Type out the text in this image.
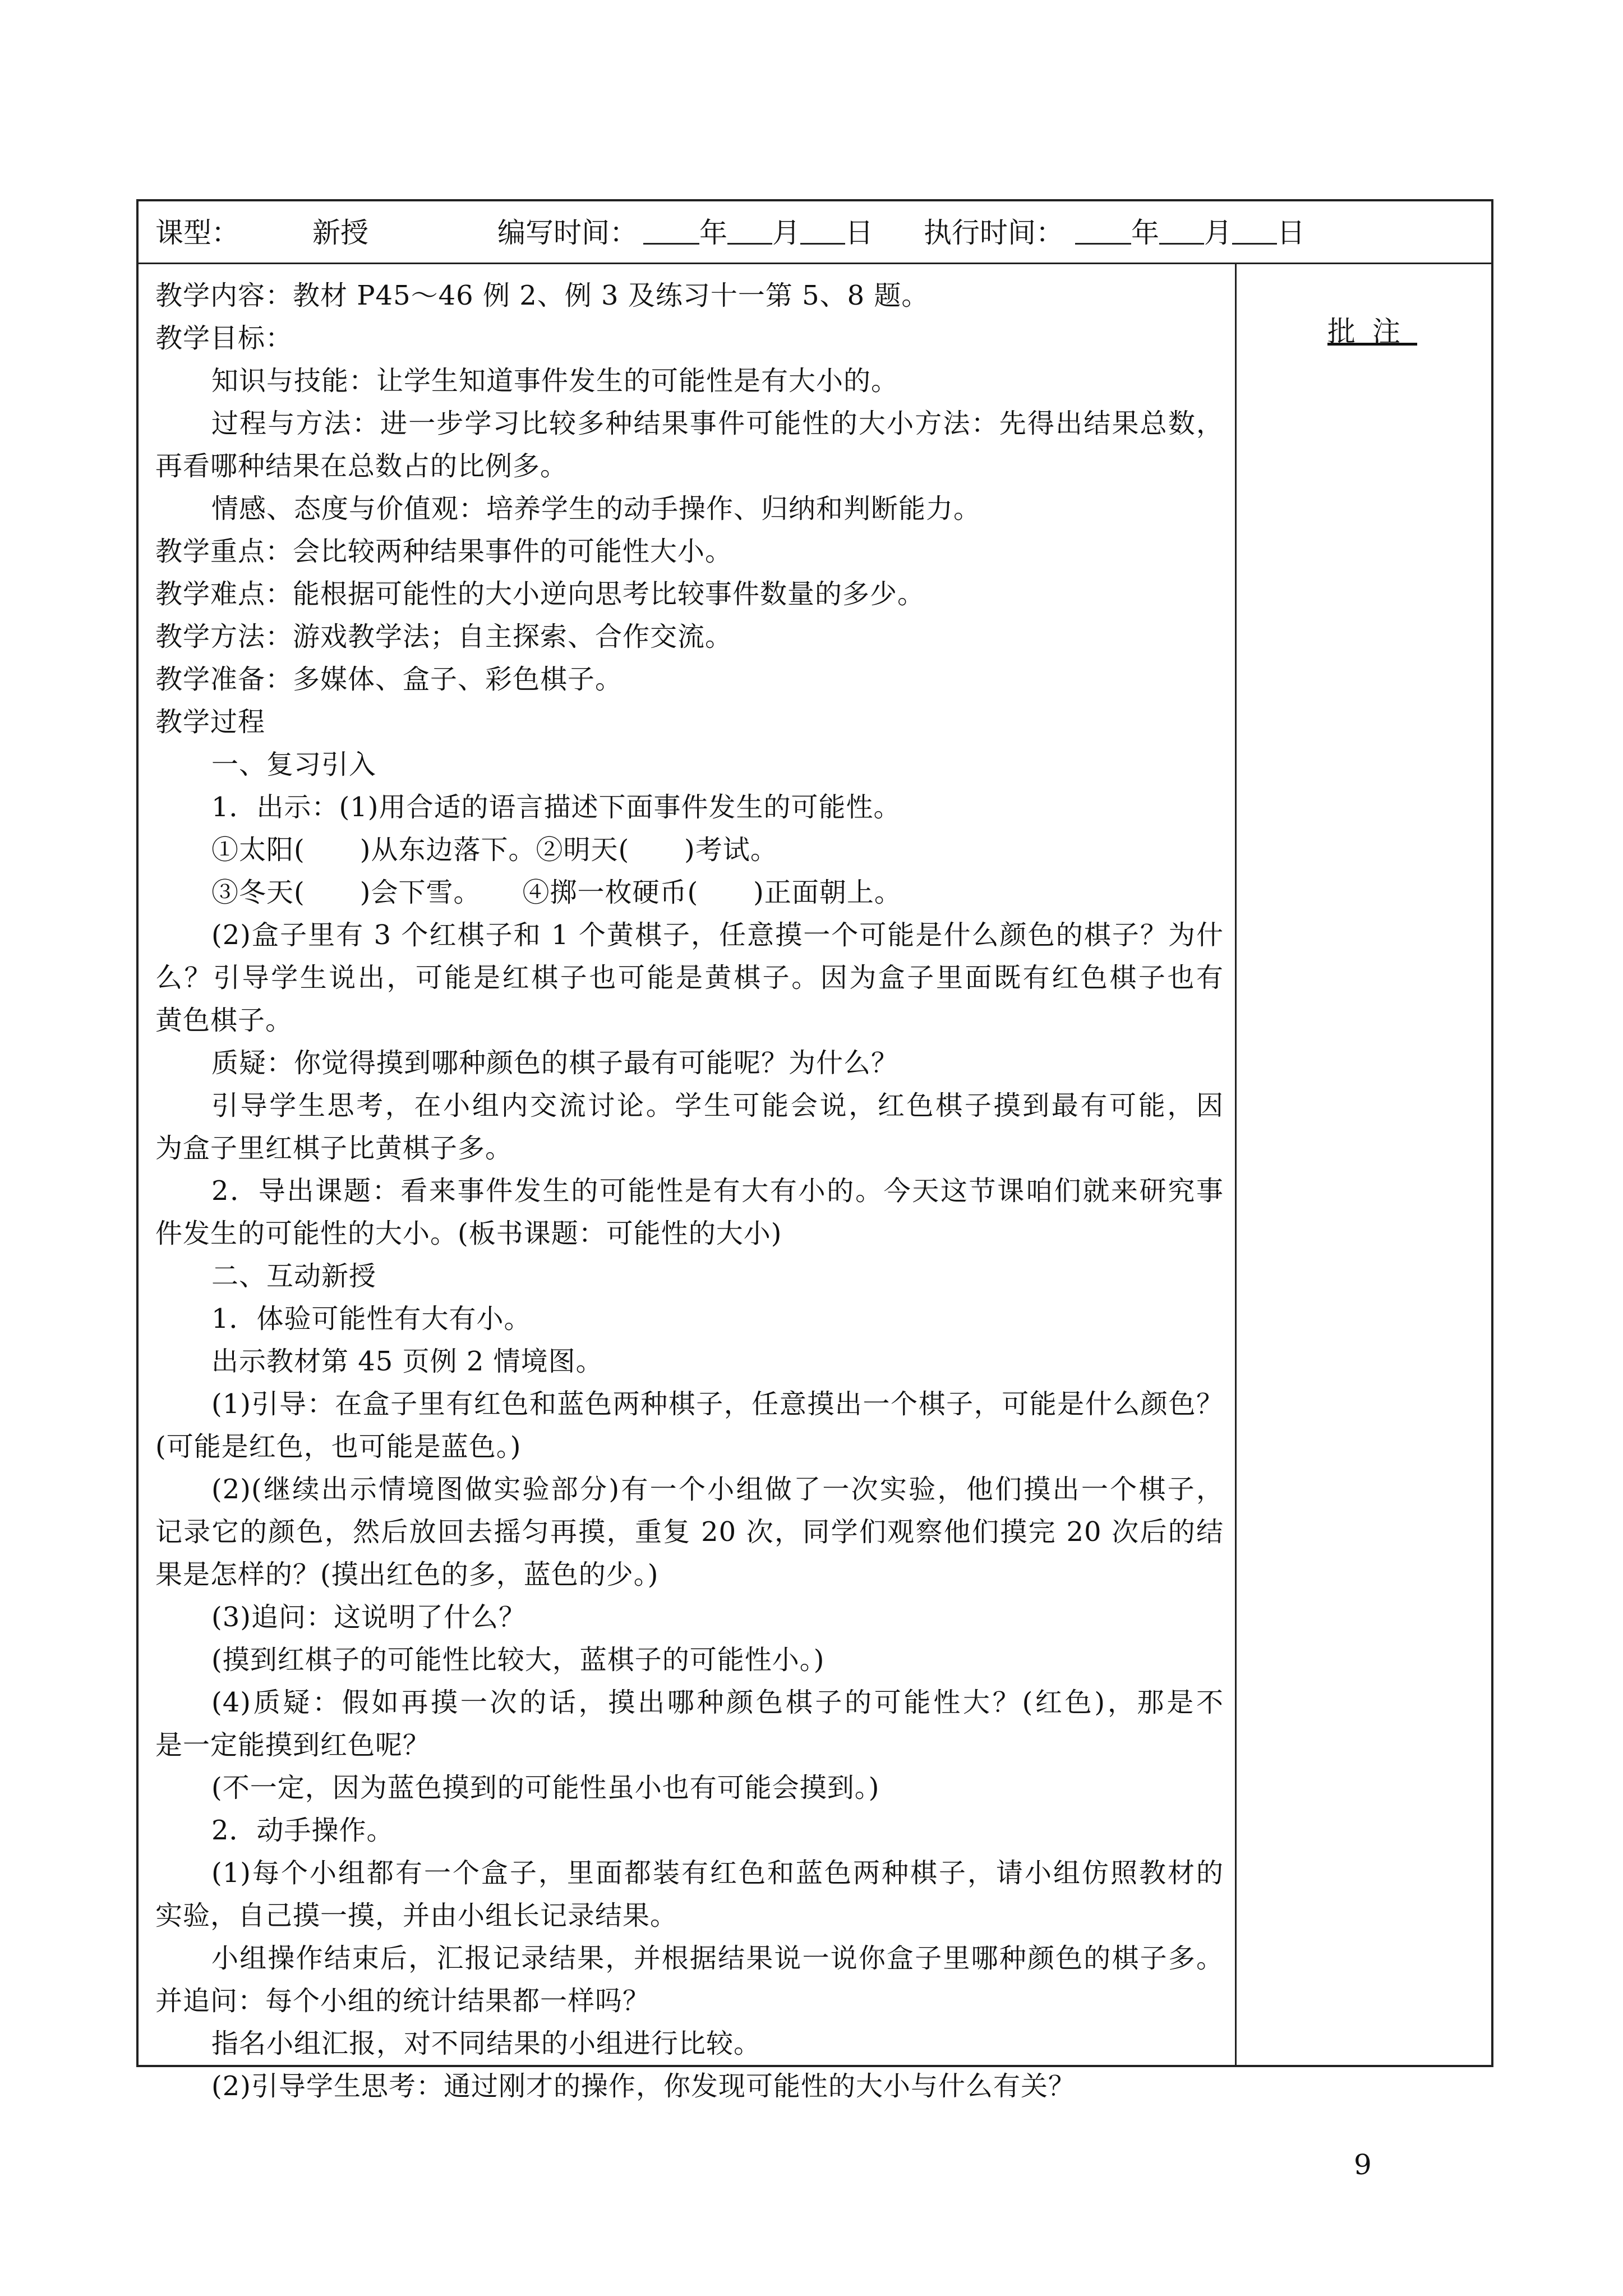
课型：	新授	编写时间：	年 月 日 执行时间：	年 月 日
教学内容：教材 P45～46 例 2、例 3 及练习十一第 5、8 题。
教学目标：
知识与技能：让学生知道事件发生的可能性是有大小的。
过程与方法：进一步学习比较多种结果事件可能性的大小方法：先得出结果总数，
再看哪种结果在总数占的比例多。
情感、态度与价值观：培养学生的动手操作、归纳和判断能力。
教学重点：会比较两种结果事件的可能性大小。
教学难点：能根据可能性的大小逆向思考比较事件数量的多少。
教学方法：游戏教学法；自主探索、合作交流。
教学准备：多媒体、盒子、彩色棋子。
教学过程
一、复习引入
1．出示：(1)用合适的语言描述下面事件发生的可能性。
①太阳(　　)从东边落下。②明天(　　)考试。
③冬天(　　)会下雪。　　④掷一枚硬币(　　)正面朝上。
(2)盒子里有 3 个红棋子和 1 个黄棋子，任意摸一个可能是什么颜色的棋子？为什
么？引导学生说出，可能是红棋子也可能是黄棋子。因为盒子里面既有红色棋子也有
黄色棋子。
质疑：你觉得摸到哪种颜色的棋子最有可能呢？为什么？
引导学生思考，在小组内交流讨论。学生可能会说，红色棋子摸到最有可能，因
为盒子里红棋子比黄棋子多。
2．导出课题：看来事件发生的可能性是有大有小的。今天这节课咱们就来研究事
件发生的可能性的大小。(板书课题：可能性的大小)
二、互动新授
1．体验可能性有大有小。
出示教材第 45 页例 2 情境图。
(1)引导：在盒子里有红色和蓝色两种棋子，任意摸出一个棋子，可能是什么颜色？
(可能是红色，也可能是蓝色。)
(2)(继续出示情境图做实验部分)有一个小组做了一次实验，他们摸出一个棋子，
记录它的颜色，然后放回去摇匀再摸，重复 20 次，同学们观察他们摸完 20 次后的结
果是怎样的？(摸出红色的多，蓝色的少。)
(3)追问：这说明了什么？
(摸到红棋子的可能性比较大，蓝棋子的可能性小。)
(4)质疑：假如再摸一次的话，摸出哪种颜色棋子的可能性大？(红色)，那是不
是一定能摸到红色呢？
(不一定，因为蓝色摸到的可能性虽小也有可能会摸到。)
2．动手操作。
(1)每个小组都有一个盒子，里面都装有红色和蓝色两种棋子，请小组仿照教材的
实验，自己摸一摸，并由小组长记录结果。
小组操作结束后，汇报记录结果，并根据结果说一说你盒子里哪种颜色的棋子多。
并追问：每个小组的统计结果都一样吗？
指名小组汇报，对不同结果的小组进行比较。
(2)引导学生思考：通过刚才的操作，你发现可能性的大小与什么有关？
批注
9
